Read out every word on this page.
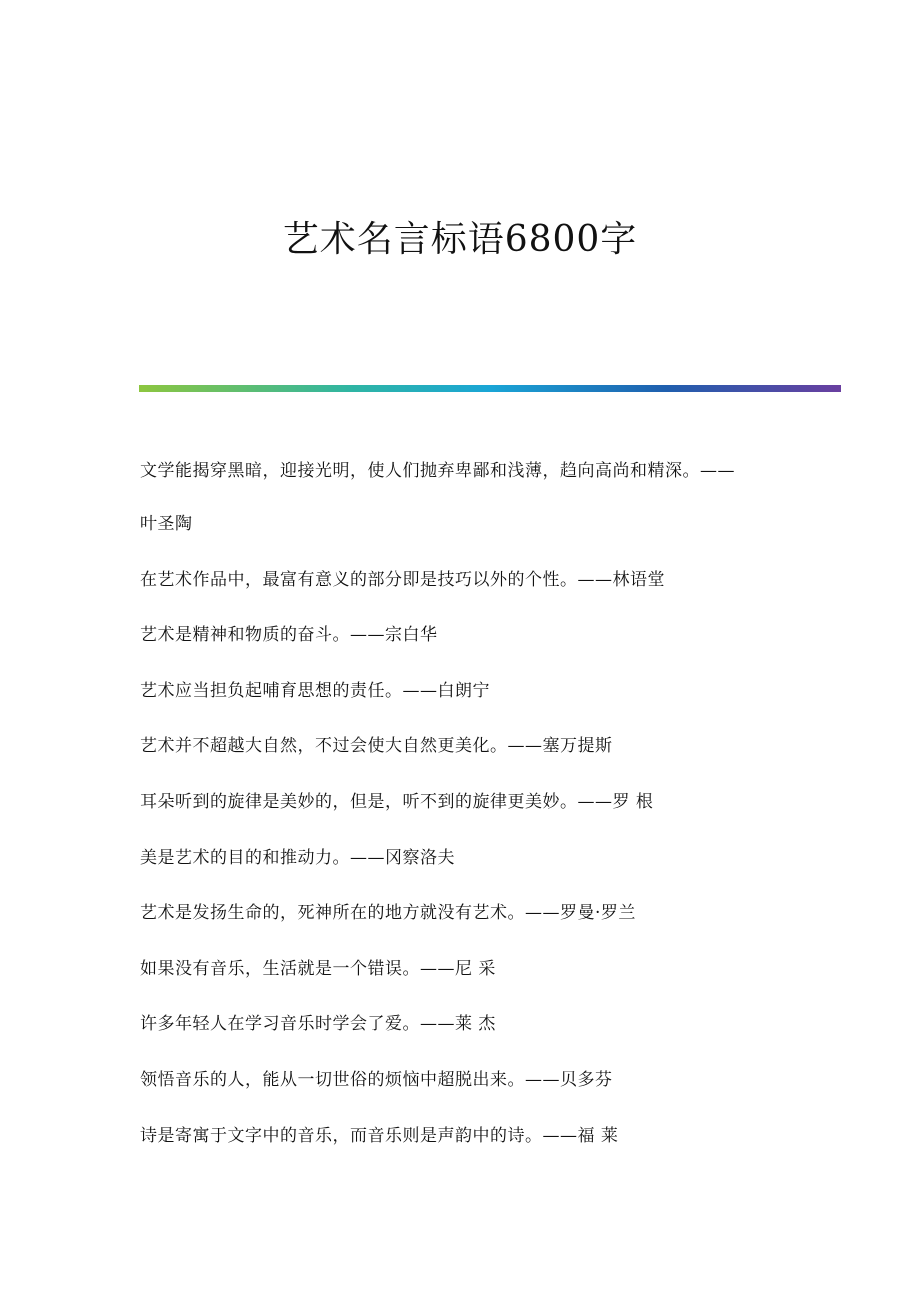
艺术名言标语6800字

文学能揭穿黑暗，迎接光明，使人们抛弃卑鄙和浅薄，趋向高尚和精深。——
叶圣陶

在艺术作品中，最富有意义的部分即是技巧以外的个性。——林语堂

艺术是精神和物质的奋斗。——宗白华

艺术应当担负起哺育思想的责任。——白朗宁

艺术并不超越大自然，不过会使大自然更美化。——塞万提斯

耳朵听到的旋律是美妙的，但是，听不到的旋律更美妙。——罗 根

美是艺术的目的和推动力。——冈察洛夫

艺术是发扬生命的，死神所在的地方就没有艺术。——罗曼·罗兰

如果没有音乐，生活就是一个错误。——尼 采

许多年轻人在学习音乐时学会了爱。——莱 杰

领悟音乐的人，能从一切世俗的烦恼中超脱出来。——贝多芬

诗是寄寓于文字中的音乐，而音乐则是声韵中的诗。——福 莱
